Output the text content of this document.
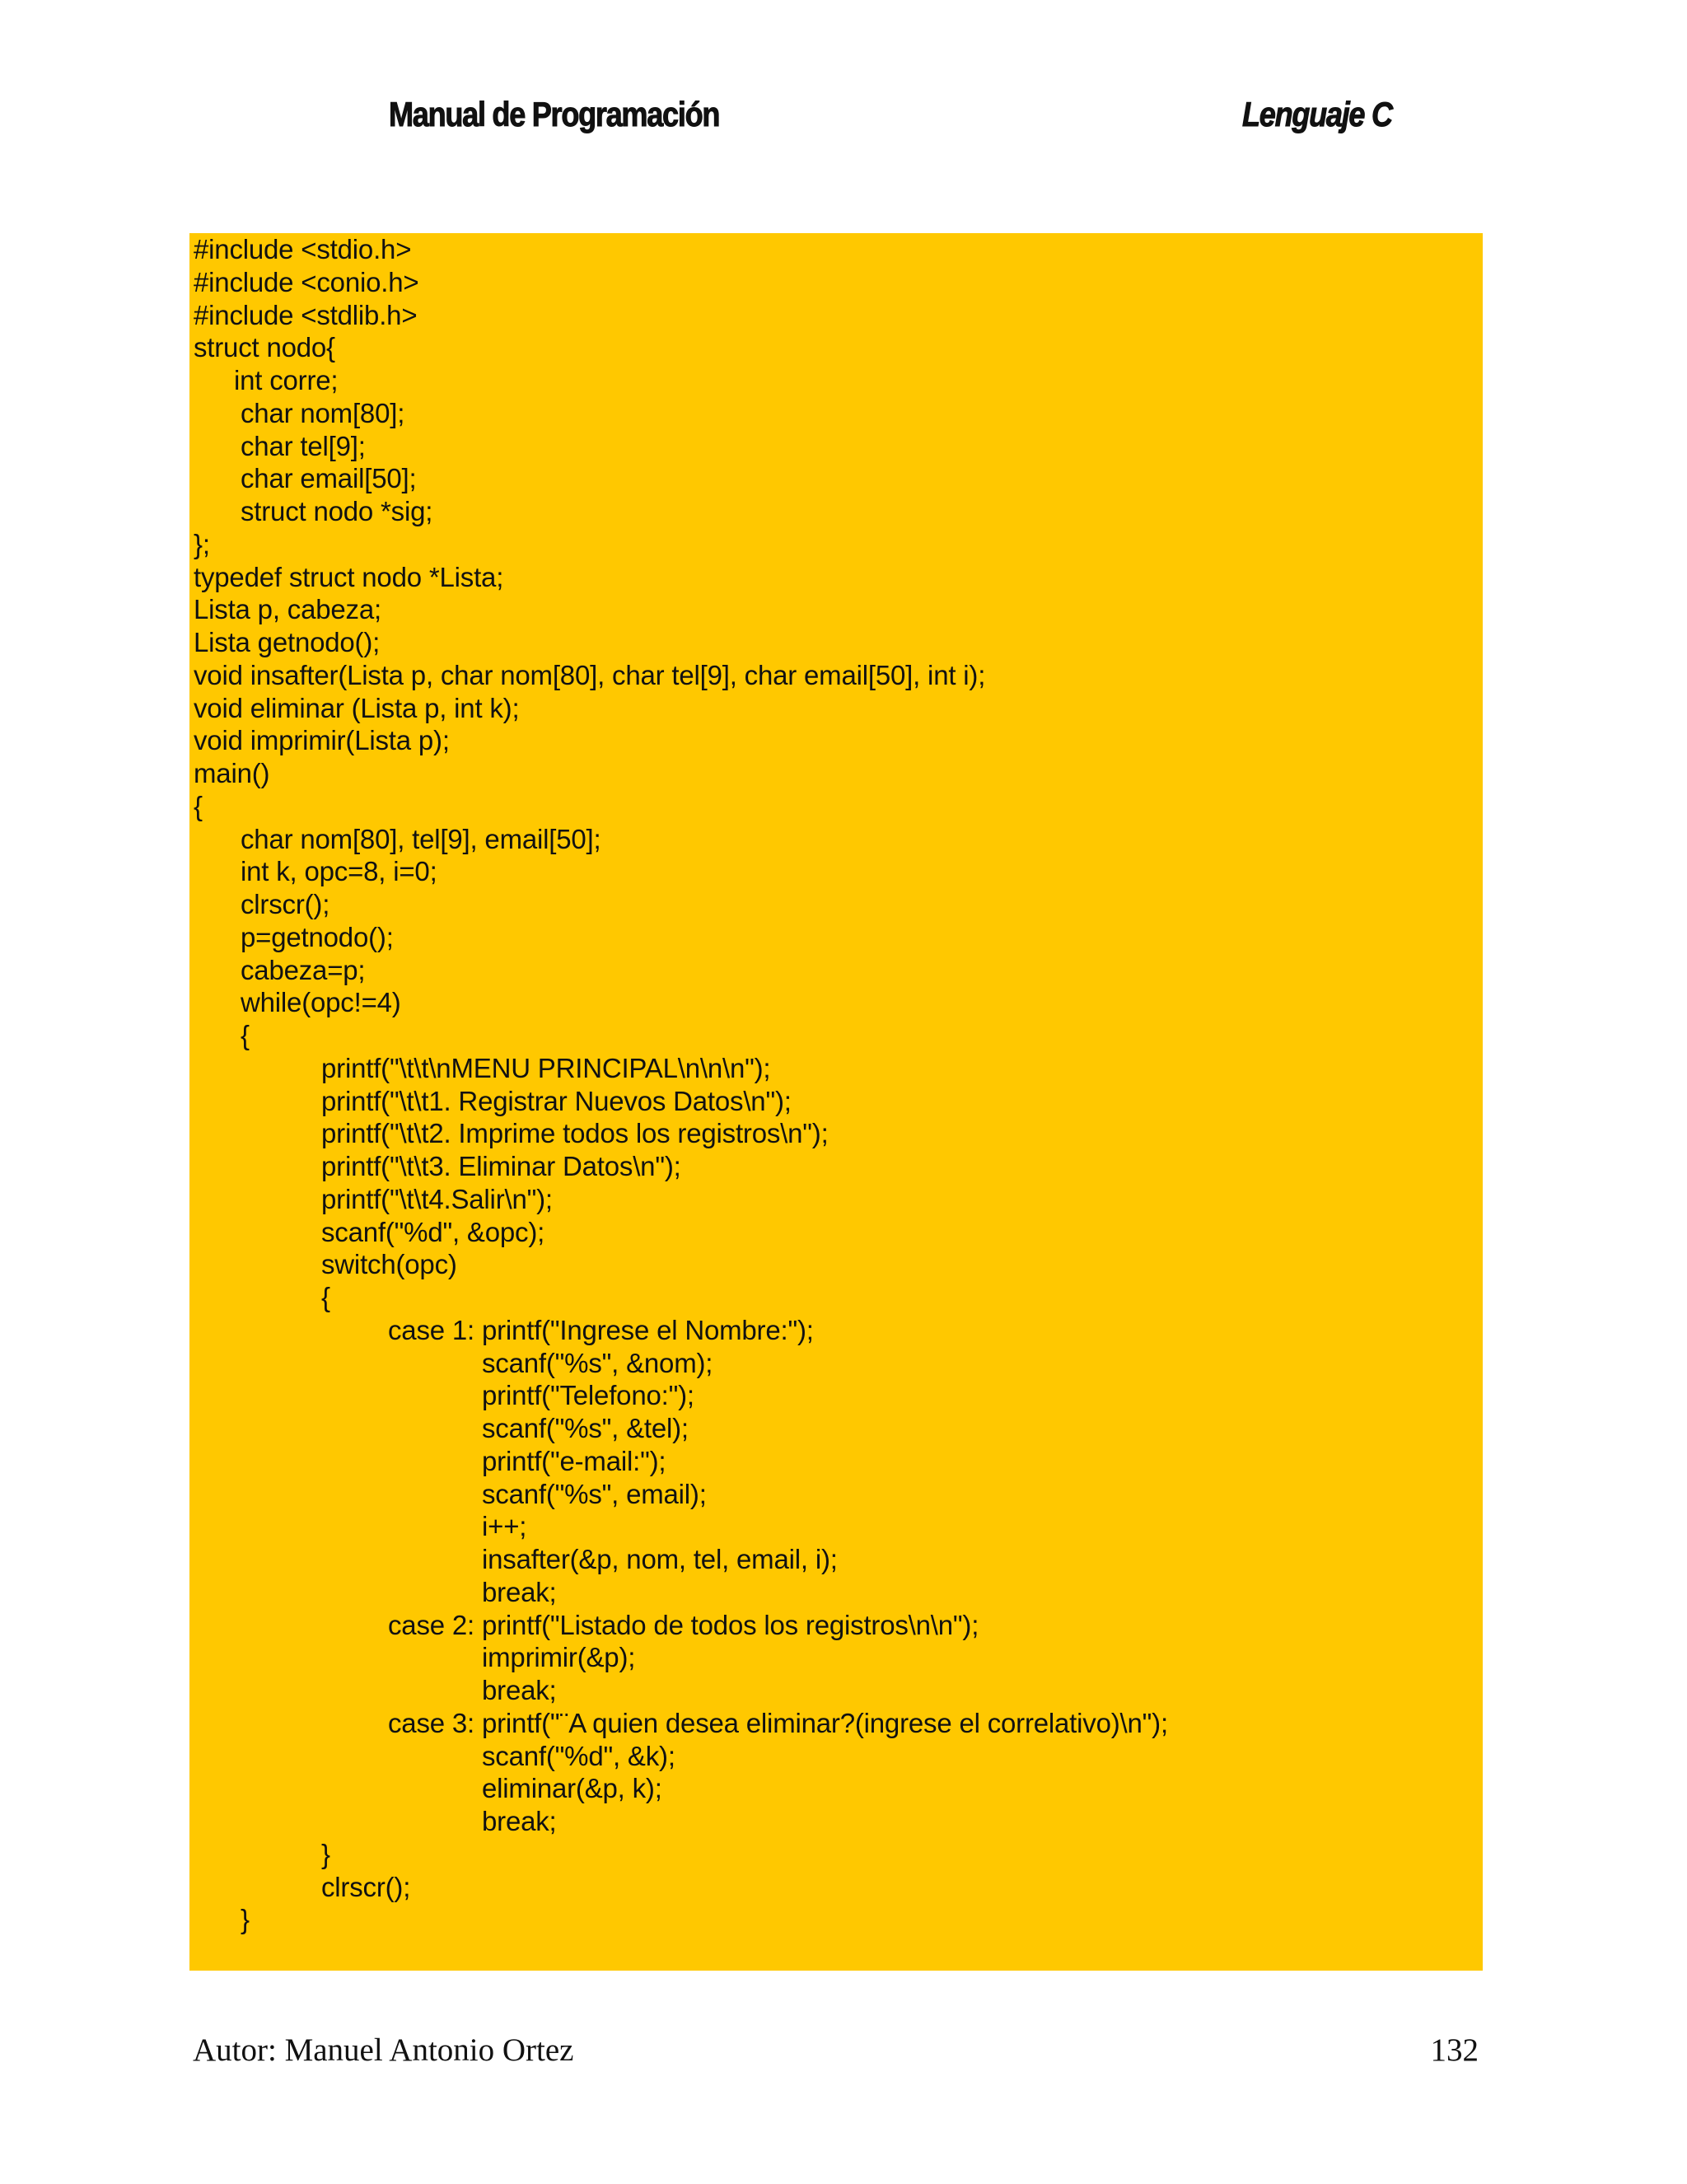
Manual de Programación	Lenguaje C
#include <stdio.h>
#include <conio.h>
#include <stdlib.h>
struct nodo{
int corre;
char nom[80];
char tel[9];
char email[50];
struct nodo *sig;
};
typedef struct nodo *Lista;
Lista p, cabeza;
Lista getnodo();
void insafter(Lista p, char nom[80], char tel[9], char email[50], int i);
void eliminar (Lista p, int k);
void imprimir(Lista p);
main()
{
char nom[80], tel[9], email[50];
int k, opc=8, i=0;
clrscr();
p=getnodo();
cabeza=p;
while(opc!=4)
{
printf("\t\t\nMENU PRINCIPAL\n\n\n");
printf("\t\t1. Registrar Nuevos Datos\n");
printf("\t\t2. Imprime todos los registros\n");
printf("\t\t3. Eliminar Datos\n");
printf("\t\t4.Salir\n");
scanf("%d", &opc);
switch(opc)
{
case 1: printf("Ingrese el Nombre:");
scanf("%s", &nom);
printf("Telefono:");
scanf("%s", &tel);
printf("e-mail:");
scanf("%s", email);
i++;
insafter(&p, nom, tel, email, i);
break;
case 2: printf("Listado de todos los registros\n\n");
imprimir(&p);
break;
case 3: printf("¨A quien desea eliminar?(ingrese el correlativo)\n");
scanf("%d", &k);
eliminar(&p, k);
break;
}
clrscr();
}
Autor: Manuel Antonio Ortez	132
